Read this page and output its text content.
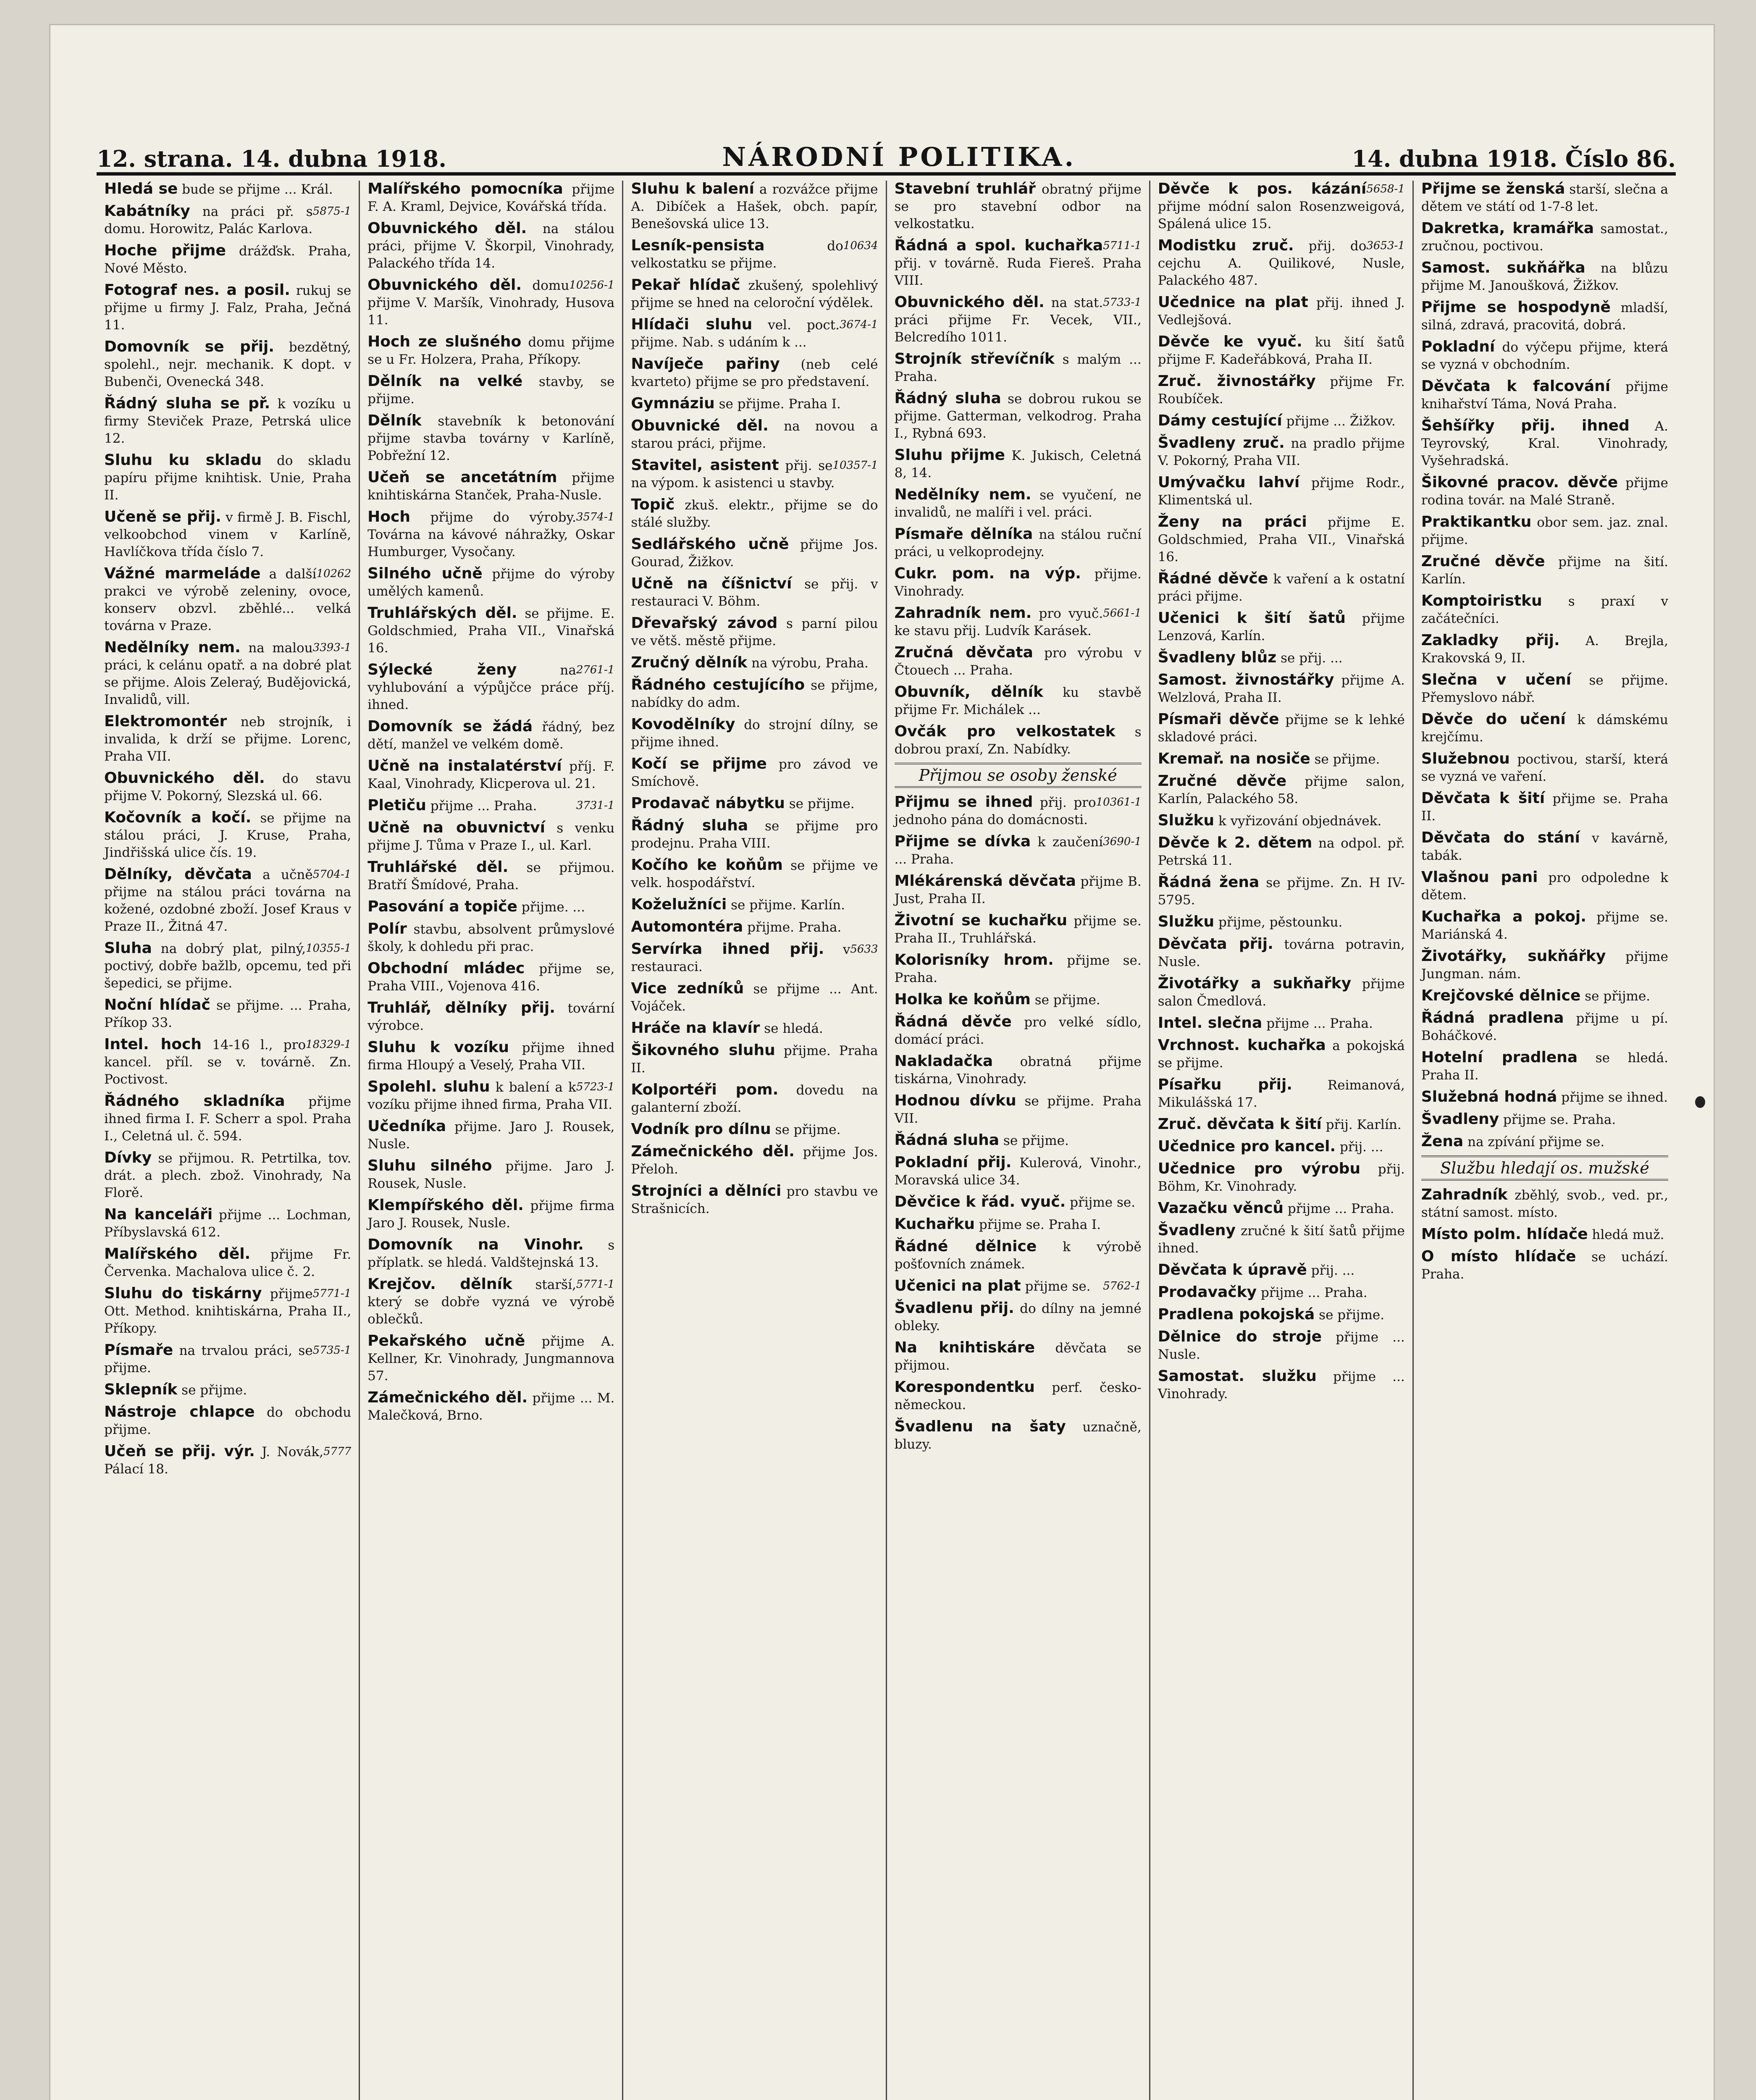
12. strana. 14. dubna 1918.	NÁRODNÍ POLITIKA.	14. dubna 1918. Číslo 86.
Hledá se bude se přijme ... Král.
Kabátníky	5875-1
na práci př. s domu. Horowitz, Palác Karlova.
Hoche přijme drážďsk. Praha, Nové Město.
Fotograf nes. a posil. rukuj se přijme u firmy J. Falz, Praha, Ječná 11.
Domovník se přij. bezdětný, spolehl., nejr. mechanik. K dopt. v Bubenči, Ovenecká 348.
Řádný sluha se př. k vozíku u firmy Steviček Praze, Petrská ulice 12.
Sluhu ku skladu do skladu papíru přijme knihtisk. Unie, Praha II.
Učeně se přij. v firmě J. B. Fischl, velkoobchod vinem v Karlíně, Havlíčkova třída číslo 7.
Vážné marmeláde	10262
a další prakci ve výrobě zeleniny, ovoce, konserv obzvl. zběhlé... velká továrna v Praze.
Nedělníky nem.	3393-1
na malou práci, k celánu opatř. a na dobré plat se přijme. Alois Zeleraý, Budějovická, Invalidů, vill.
Elektromontér neb strojník, i invalida, k drží se přijme. Lorenc, Praha VII.
Obuvnického děl. do stavu přijme V. Pokorný, Slezská ul. 66.
Kočovník a kočí. se přijme na stálou práci, J. Kruse, Praha, Jindřišská ulice čís. 19.
Dělníky, děvčata	5704-1
a učně přijme na stálou práci továrna na kožené, ozdobné zboží. Josef Kraus v Praze II., Žitná 47.
Sluha	10355-1
na dobrý plat, pilný, poctivý, dobře bažlb, opcemu, ted při šepedici, se přijme.
Noční hlídač se přijme. ... Praha, Příkop 33.
Intel. hoch	18329-1
14-16 l., pro kancel. příl. se v. továrně. Zn. Poctivost.
Řádného skladníka přijme ihned firma I. F. Scherr a spol. Praha I., Celetná ul. č. 594.
Dívky se přijmou. R. Petrtilka, tov. drát. a plech. zbož. Vinohrady, Na Florě.
Na kanceláři přijme ... Lochman, Příbyslavská 612.
Malířského děl. přijme Fr. Červenka. Machalova ulice č. 2.
Sluhu do tiskárny	5771-1
přijme Ott. Method. knihtiskárna, Praha II., Příkopy.
Písmaře	5735-1
na trvalou práci, se přijme.
Sklepník se přijme.
Nástroje chlapce do obchodu přijme.
Učeň se přij. výr.	5777
J. Novák, Pálací 18.
Malířského pomocníka přijme F. A. Kraml, Dejvice, Kovářská třída.
Obuvnického děl. na stálou práci, přijme V. Škorpil, Vinohrady, Palackého třída 14.
Obuvnického děl.	10256-1
domu přijme V. Maršík, Vinohrady, Husova 11.
Hoch ze slušného domu přijme se u Fr. Holzera, Praha, Příkopy.
Dělník na velké stavby, se přijme.
Dělník stavebník k betonování přijme stavba továrny v Karlíně, Pobřežní 12.
Učeň se ancetátním přijme knihtiskárna Stanček, Praha-Nusle.
Hoch	3574-1
přijme do výroby. Továrna na kávové náhražky, Oskar Humburger, Vysočany.
Silného učně přijme do výroby umělých kamenů.
Truhlářských děl. se přijme. E. Goldschmied, Praha VII., Vinařská 16.
Sýlecké ženy	2761-1
na vyhlubování a výpůjčce práce příj. ihned.
Domovník se žádá řádný, bez dětí, manžel ve velkém domě.
Učně na instalatérství příj. F. Kaal, Vinohrady, Klicperova ul. 21.
Pletiču	3731-1
přijme ... Praha.
Učně na obuvnictví s venku přijme J. Tůma v Praze I., ul. Karl.
Truhlářské děl. se přijmou. Bratří Šmídové, Praha.
Pasování a topiče přijme. ...
Polír stavbu, absolvent průmyslové školy, k dohledu při prac.
Obchodní mládec přijme se, Praha VIII., Vojenova 416.
Truhlář, dělníky přij. tovární výrobce.
Sluhu k vozíku přijme ihned firma Hloupý a Veselý, Praha VII.
Spolehl. sluhu	5723-1
k balení a k vozíku přijme ihned firma, Praha VII.
Učedníka přijme. Jaro J. Rousek, Nusle.
Sluhu silného přijme. Jaro J. Rousek, Nusle.
Klempířského děl. přijme firma Jaro J. Rousek, Nusle.
Domovník na Vinohr. s příplatk. se hledá. Valdštejnská 13.
Krejčov. dělník	5771-1
starší, který se dobře vyzná ve výrobě oblečků.
Pekařského učně přijme A. Kellner, Kr. Vinohrady, Jungmannova 57.
Zámečnického děl. přijme ... M. Malečková, Brno.
Sluhu k balení a rozvážce přijme A. Dibíček a Hašek, obch. papír, Benešovská ulice 13.
Lesník-pensista	10634
do velkostatku se přijme.
Pekař hlídač zkušený, spolehlivý přijme se hned na celoroční výdělek.
Hlídači sluhu	3674-1
vel. poct. přijme. Nab. s udáním k ...
Navíječe pařiny (neb celé kvarteto) přijme se pro představení.
Gymnáziu se přijme. Praha I.
Obuvnické děl. na novou a starou práci, přijme.
Stavitel, asistent	10357-1
přij. se na výpom. k asistenci u stavby.
Topič zkuš. elektr., přijme se do stálé služby.
Sedlářského učně přijme Jos. Gourad, Žižkov.
Učně na číšnictví se přij. v restauraci V. Böhm.
Dřevařský závod s parní pilou ve větš. městě přijme.
Zručný dělník na výrobu, Praha.
Řádného cestujícího se přijme, nabídky do adm.
Kovodělníky do strojní dílny, se přijme ihned.
Kočí se přijme pro závod ve Smíchově.
Prodavač nábytku se přijme.
Řádný sluha se přijme pro prodejnu. Praha VIII.
Kočího ke koňům se přijme ve velk. hospodářství.
Koželužníci se přijme. Karlín.
Automontéra přijme. Praha.
Servírka ihned přij. 5633
v restauraci.
Vice zedníků se přijme ... Ant. Vojáček.
Hráče na klavír se hledá.
Šikovného sluhu přijme. Praha II.
Kolportéři pom. dovedu na galanterní zboží.
Vodník pro dílnu se přijme.
Zámečnického děl. přijme Jos. Přeloh.
Strojníci a dělníci pro stavbu ve Strašnicích.
Stavební truhlář obratný přijme se pro stavební odbor na velkostatku.
Řádná a spol. kuchařka 5711-1
přij. v továrně. Ruda Fiereš. Praha VIII.
Obuvnického děl.	5733-1
na stat. práci přijme Fr. Vecek, VII., Belcredího 1011.
Strojník střevíčník s malým ... Praha.
Řádný sluha se dobrou rukou se přijme. Gatterman, velkodrog. Praha I., Rybná 693.
Sluhu přijme K. Jukisch, Celetná 8, 14.
Nedělníky nem. se vyučení, ne invalidů, ne malíři i vel. práci.
Písmaře dělníka na stálou ruční práci, u velkoprodejny.
Cukr. pom. na výp. přijme. Vinohrady.
Zahradník nem.	5661-1
pro vyuč. ke stavu přij. Ludvík Karásek.
Zručná děvčata pro výrobu v Čtouech ... Praha.
Obuvník, dělník ku stavbě přijme Fr. Michálek ...
Ovčák pro velkostatek s dobrou praxí, Zn. Nabídky.
Přijmou se osoby ženské
Přijmu se ihned	10361-1
přij. pro jednoho pána do domácnosti.
Přijme se dívka	3690-1
k zaučení ... Praha.
Mlékárenská děvčata přijme B. Just, Praha II.
Životní se kuchařku přijme se. Praha II., Truhlářská.
Kolorisníky hrom. přijme se. Praha.
Holka ke koňům se přijme.
Řádná děvče pro velké sídlo, domácí práci.
Nakladačka obratná přijme tiskárna, Vinohrady.
Hodnou dívku se přijme. Praha VII.
Řádná sluha se přijme.
Pokladní přij. Kulerová, Vinohr., Moravská ulice 34.
Děvčice k řád. vyuč. přijme se.
Kuchařku přijme se. Praha I.
Řádné dělnice k výrobě pošťovních známek.
Učenici na plat	5762-1
přijme se.
Švadlenu přij. do dílny na jemné obleky.
Na knihtiskáre děvčata se přijmou.
Korespondentku perf. česko-německou.
Švadlenu na šaty uznačně, bluzy.
Děvče k pos. kázání 5658-1
přijme módní salon Rosenzweigová, Spálená ulice 15.
Modistku zruč.	3653-1
přij. do cejchu A. Quilikové, Nusle, Palackého 487.
Učednice na plat přij. ihned J. Vedlejšová.
Děvče ke vyuč. ku šití šatů přijme F. Kadeřábková, Praha II.
Zruč. živnostářky přijme Fr. Roubíček.
Dámy cestující přijme ... Žižkov.
Švadleny zruč. na pradlo přijme V. Pokorný, Praha VII.
Umývačku lahví přijme Rodr., Klimentská ul.
Ženy na práci přijme E. Goldschmied, Praha VII., Vinařská 16.
Řádné děvče k vaření a k ostatní práci přijme.
Učenici k šití šatů přijme Lenzová, Karlín.
Švadleny blůz se přij. ...
Samost. živnostářky přijme A. Welzlová, Praha II.
Písmaři děvče přijme se k lehké skladové práci.
Kremař. na nosiče se přijme.
Zručné děvče přijme salon, Karlín, Palackého 58.
Služku k vyřizování objednávek.
Děvče k 2. dětem na odpol. př. Petrská 11.
Řádná žena se přijme. Zn. H IV-5795.
Služku přijme, pěstounku.
Děvčata přij. továrna potravin, Nusle.
Životářky a sukňařky přijme salon Čmedlová.
Intel. slečna přijme ... Praha.
Vrchnost. kuchařka a pokojská se přijme.
Písařku přij. Reimanová, Mikulášská 17.
Zruč. děvčata k šití přij. Karlín.
Učednice pro kancel. přij. ...
Učednice pro výrobu přij. Böhm, Kr. Vinohrady.
Vazačku věnců přijme ... Praha.
Švadleny zručné k šití šatů přijme ihned.
Děvčata k úpravě přij. ...
Prodavačky přijme ... Praha.
Pradlena pokojská se přijme.
Dělnice do stroje přijme ... Nusle.
Samostat. služku přijme ... Vinohrady.
Přijme se ženská starší, slečna a dětem ve státí od 1-7-8 let.
Dakretka, kramářka samostat., zručnou, poctivou.
Samost. sukňářka na blůzu přijme M. Janoušková, Žižkov.
Přijme se hospodyně mladší, silná, zdravá, pracovitá, dobrá.
Pokladní do výčepu přijme, která se vyzná v obchodním.
Děvčata k falcování přijme knihařství Táma, Nová Praha.
Šehšířky přij. ihned A. Teyrovský, Kral. Vinohrady, Vyšehradská.
Šikovné pracov. děvče přijme rodina továr. na Malé Straně.
Praktikantku obor sem. jaz. znal. přijme.
Zručné děvče přijme na šití. Karlín.
Komptoiristku s praxí v začátečníci.
Zakladky přij. A. Brejla, Krakovská 9, II.
Slečna v učení se přijme. Přemyslovo nábř.
Děvče do učení k dámskému krejčímu.
Služebnou poctivou, starší, která se vyzná ve vaření.
Děvčata k šití přijme se. Praha II.
Děvčata do stání v kavárně, tabák.
Vlašnou pani pro odpoledne k dětem.
Kuchařka a pokoj. přijme se. Mariánská 4.
Životářky, sukňářky přijme Jungman. nám.
Krejčovské dělnice se přijme.
Řádná pradlena přijme u pí. Boháčkové.
Hotelní pradlena se hledá. Praha II.
Služebná hodná přijme se ihned.
Švadleny přijme se. Praha.
Žena na zpívání přijme se.
Službu hledají os. mužské
Zahradník zběhlý, svob., ved. pr., státní samost. místo.
Místo polm. hlídače hledá muž.
O místo hlídače se uchází. Praha.
